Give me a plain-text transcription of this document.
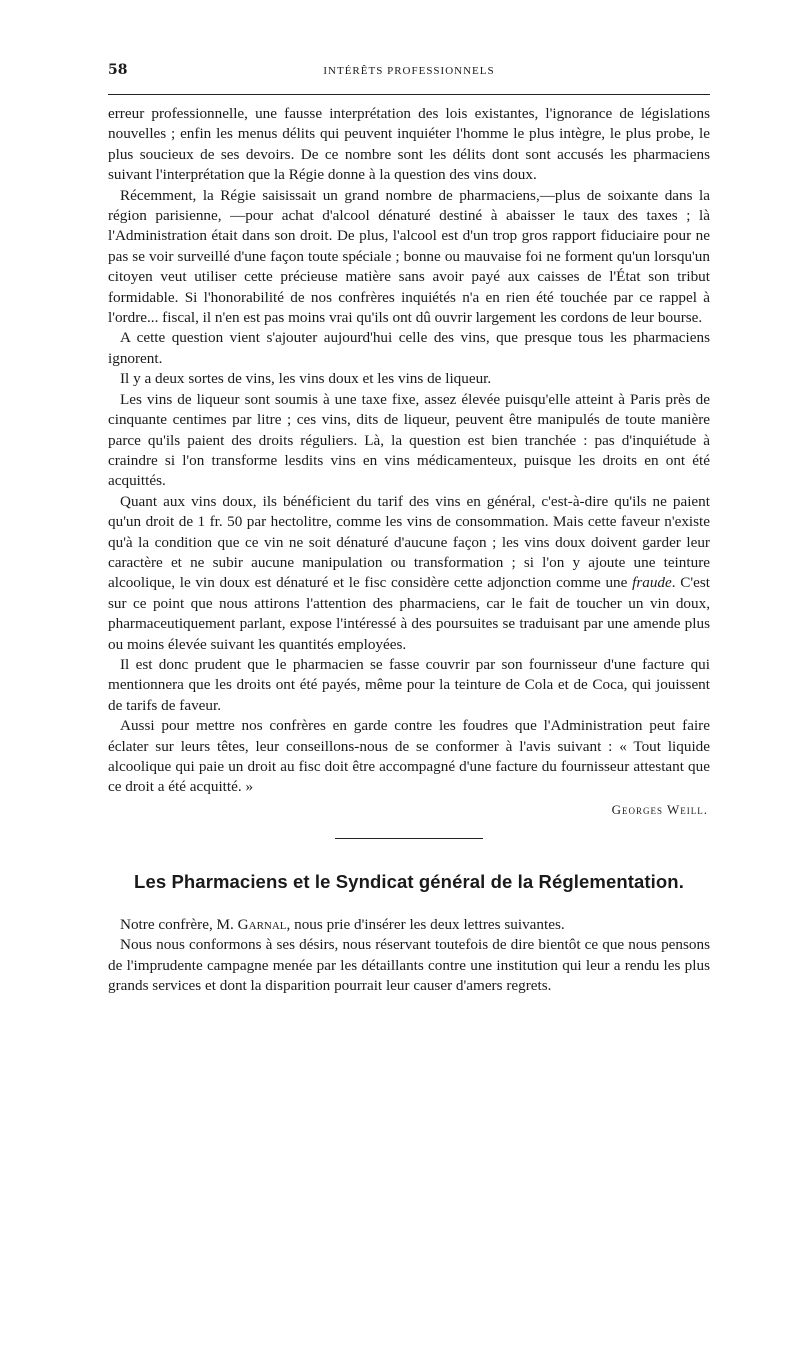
58	INTÉRÊTS PROFESSIONNELS

erreur professionnelle, une fausse interprétation des lois existantes, l'ignorance de législations nouvelles ; enfin les menus délits qui peuvent inquiéter l'homme le plus intègre, le plus probe, le plus soucieux de ses devoirs. De ce nombre sont les délits dont sont accusés les pharmaciens suivant l'interprétation que la Régie donne à la question des vins doux.

Récemment, la Régie saisissait un grand nombre de pharmaciens,—plus de soixante dans la région parisienne, —pour achat d'alcool dénaturé destiné à abaisser le taux des taxes ; là l'Administration était dans son droit. De plus, l'alcool est d'un trop gros rapport fiduciaire pour ne pas se voir surveillé d'une façon toute spéciale ; bonne ou mauvaise foi ne forment qu'un lorsqu'un citoyen veut utiliser cette précieuse matière sans avoir payé aux caisses de l'État son tribut formidable. Si l'honorabilité de nos confrères inquiétés n'a en rien été touchée par ce rappel à l'ordre... fiscal, il n'en est pas moins vrai qu'ils ont dû ouvrir largement les cordons de leur bourse.

A cette question vient s'ajouter aujourd'hui celle des vins, que presque tous les pharmaciens ignorent.

Il y a deux sortes de vins, les vins doux et les vins de liqueur.

Les vins de liqueur sont soumis à une taxe fixe, assez élevée puisqu'elle atteint à Paris près de cinquante centimes par litre ; ces vins, dits de liqueur, peuvent être manipulés de toute manière parce qu'ils paient des droits réguliers. Là, la question est bien tranchée : pas d'inquiétude à craindre si l'on transforme lesdits vins en vins médicamenteux, puisque les droits en ont été acquittés.

Quant aux vins doux, ils bénéficient du tarif des vins en général, c'est-à-dire qu'ils ne paient qu'un droit de 1 fr. 50 par hectolitre, comme les vins de consommation. Mais cette faveur n'existe qu'à la condition que ce vin ne soit dénaturé d'aucune façon ; les vins doux doivent garder leur caractère et ne subir aucune manipulation ou transformation ; si l'on y ajoute une teinture alcoolique, le vin doux est dénaturé et le fisc considère cette adjonction comme une fraude. C'est sur ce point que nous attirons l'attention des pharmaciens, car le fait de toucher un vin doux, pharmaceutiquement parlant, expose l'intéressé à des poursuites se traduisant par une amende plus ou moins élevée suivant les quantités employées.

Il est donc prudent que le pharmacien se fasse couvrir par son fournisseur d'une facture qui mentionnera que les droits ont été payés, même pour la teinture de Cola et de Coca, qui jouissent de tarifs de faveur.

Aussi pour mettre nos confrères en garde contre les foudres que l'Administration peut faire éclater sur leurs têtes, leur conseillons-nous de se conformer à l'avis suivant : « Tout liquide alcoolique qui paie un droit au fisc doit être accompagné d'une facture du fournisseur attestant que ce droit a été acquitté. »

Georges Weill.
Les Pharmaciens et le Syndicat général de la Réglementation.

Notre confrère, M. Garnal, nous prie d'insérer les deux lettres suivantes.

Nous nous conformons à ses désirs, nous réservant toutefois de dire bientôt ce que nous pensons de l'imprudente campagne menée par les détaillants contre une institution qui leur a rendu les plus grands services et dont la disparition pourrait leur causer d'amers regrets.
